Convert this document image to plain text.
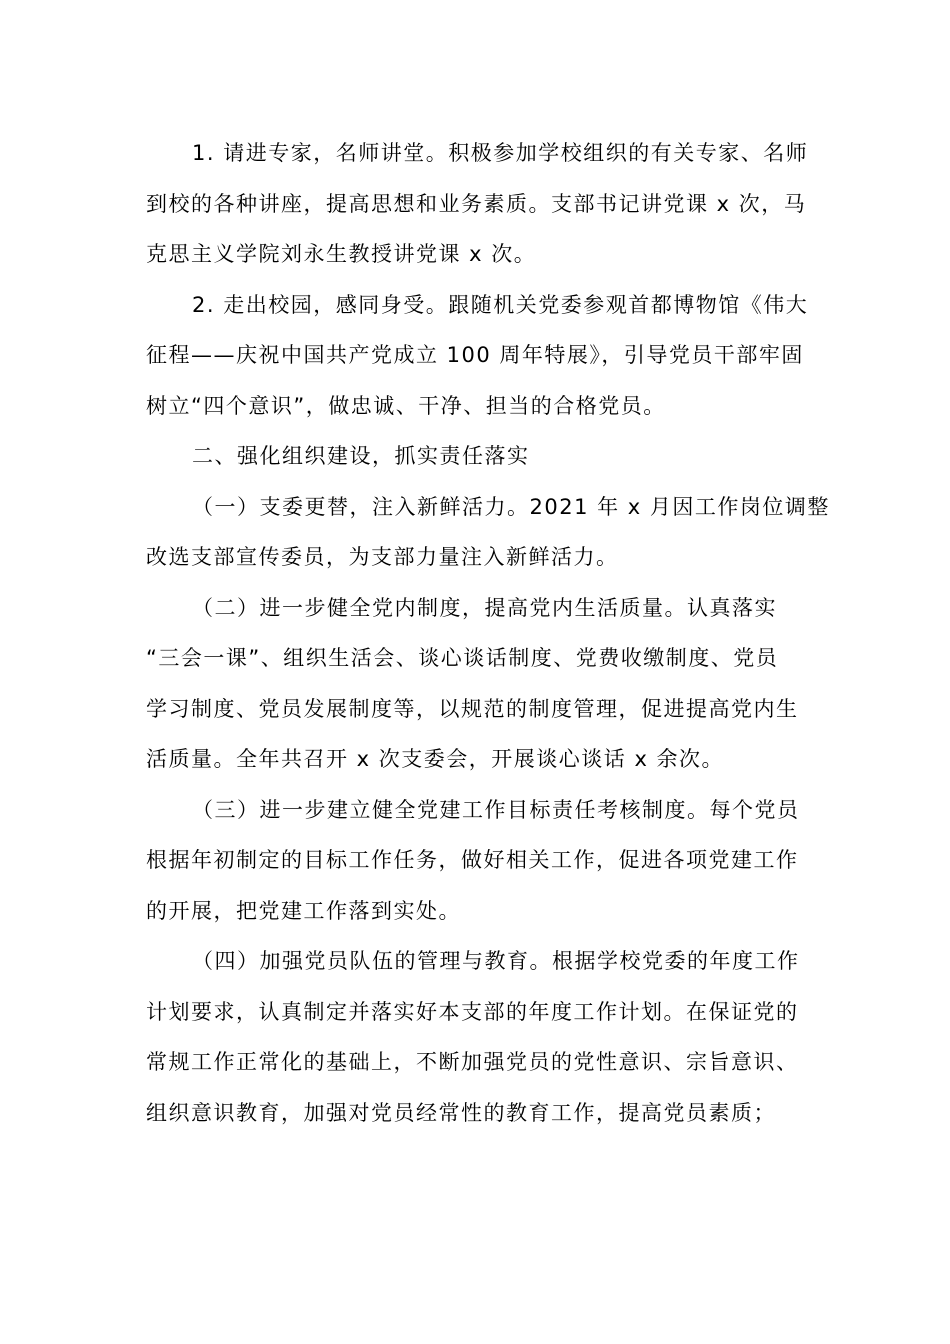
1. 请进专家，名师讲堂。积极参加学校组织的有关专家、名师
到校的各种讲座，提高思想和业务素质。支部书记讲党课 x 次，马
克思主义学院刘永生教授讲党课 x 次。

2. 走出校园，感同身受。跟随机关党委参观首都博物馆《伟大
征程——庆祝中国共产党成立 100 周年特展》，引导党员干部牢固
树立“四个意识”，做忠诚、干净、担当的合格党员。

二、强化组织建设，抓实责任落实

（一）支委更替，注入新鲜活力。2021 年 x 月因工作岗位调整
改选支部宣传委员，为支部力量注入新鲜活力。

（二）进一步健全党内制度，提高党内生活质量。认真落实
“三会一课”、组织生活会、谈心谈话制度、党费收缴制度、党员
学习制度、党员发展制度等，以规范的制度管理，促进提高党内生
活质量。全年共召开 x 次支委会，开展谈心谈话 x 余次。

（三）进一步建立健全党建工作目标责任考核制度。每个党员
根据年初制定的目标工作任务，做好相关工作，促进各项党建工作
的开展，把党建工作落到实处。

（四）加强党员队伍的管理与教育。根据学校党委的年度工作
计划要求，认真制定并落实好本支部的年度工作计划。在保证党的
常规工作正常化的基础上，不断加强党员的党性意识、宗旨意识、
组织意识教育，加强对党员经常性的教育工作，提高党员素质；
